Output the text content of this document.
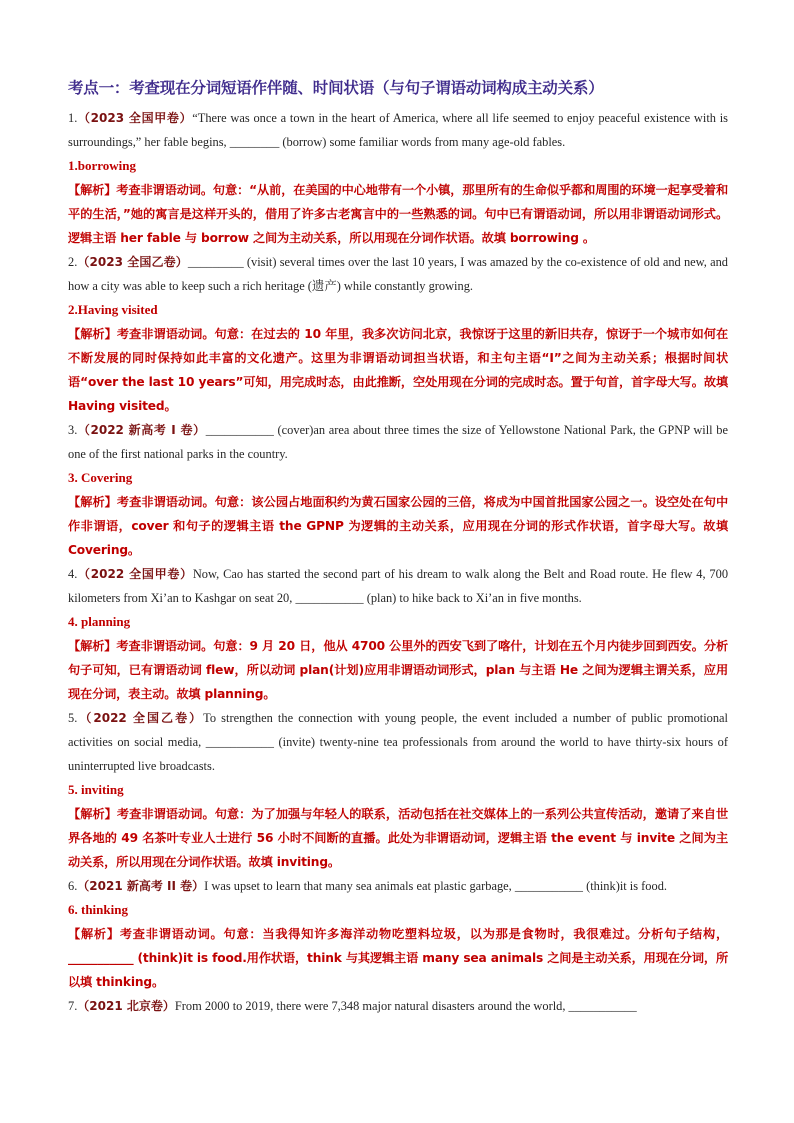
考点一：考查现在分词短语作伴随、时间状语（与句子谓语动词构成主动关系）

1.（2023 全国甲卷）“There was once a town in the heart of America, where all life seemed to enjoy peaceful existence with is surroundings,” her fable begins, ________ (borrow) some familiar words from many age-old fables.

1.borrowing

【解析】考查非谓语动词。句意：“从前，在美国的中心地带有一个小镇，那里所有的生命似乎都和周围的环境一起享受着和平的生活，”她的寓言是这样开头的，借用了许多古老寓言中的一些熟悉的词。句中已有谓语动词，所以用非谓语动词形式。逻辑主语 her fable 与 borrow 之间为主动关系，所以用现在分词作状语。故填 borrowing 。

2.（2023 全国乙卷）_________ (visit) several times over the last 10 years, I was amazed by the co-existence of old and new, and how a city was able to keep such a rich heritage (遗产) while constantly growing.

2.Having visited

【解析】考查非谓语动词。句意：在过去的 10 年里，我多次访问北京，我惊讶于这里的新旧共存，惊讶于一个城市如何在不断发展的同时保持如此丰富的文化遗产。这里为非谓语动词担当状语，和主句主语“I”之间为主动关系；根据时间状语“over the last 10 years”可知，用完成时态，由此推断，空处用现在分词的完成时态。置于句首，首字母大写。故填 Having visited。

3.（2022 新高考 I 卷）___________ (cover)an area about three times the size of Yellowstone National Park, the GPNP will be one of the first national parks in the country.

3. Covering

【解析】考查非谓语动词。句意：该公园占地面积约为黄石国家公园的三倍，将成为中国首批国家公园之一。设空处在句中作非谓语，cover 和句子的逻辑主语 the GPNP 为逻辑的主动关系，应用现在分词的形式作状语，首字母大写。故填 Covering。

4.（2022 全国甲卷）Now, Cao has started the second part of his dream to walk along the Belt and Road route. He flew 4, 700 kilometers from Xi’an to Kashgar on seat 20, ___________ (plan) to hike back to Xi’an in five months.

4. planning

【解析】考查非谓语动词。句意：9 月 20 日，他从 4700 公里外的西安飞到了喀什，计划在五个月内徒步回到西安。分析句子可知，已有谓语动词 flew，所以动词 plan(计划)应用非谓语动词形式，plan 与主语 He 之间为逻辑主谓关系，应用现在分词，表主动。故填 planning。

5.（2022 全国乙卷）To strengthen the connection with young people, the event included a number of public promotional activities on social media, ___________ (invite) twenty-nine tea professionals from around the world to have thirty-six hours of uninterrupted live broadcasts.

5. inviting

【解析】考查非谓语动词。句意：为了加强与年轻人的联系，活动包括在社交媒体上的一系列公共宣传活动，邀请了来自世界各地的 49 名茶叶专业人士进行 56 小时不间断的直播。此处为非谓语动词，逻辑主语 the event 与 invite 之间为主动关系，所以用现在分词作状语。故填 inviting。

6.（2021 新高考 II 卷）I was upset to learn that many sea animals eat plastic garbage, ___________ (think)it is food.

6. thinking

【解析】考查非谓语动词。句意：当我得知许多海洋动物吃塑料垃圾，以为那是食物时，我很难过。分析句子结构，___________ (think)it is food.用作状语，think 与其逻辑主语 many sea animals 之间是主动关系，用现在分词，所以填 thinking。

7.（2021 北京卷）From 2000 to 2019, there were 7,348 major natural disasters around the world, ___________
